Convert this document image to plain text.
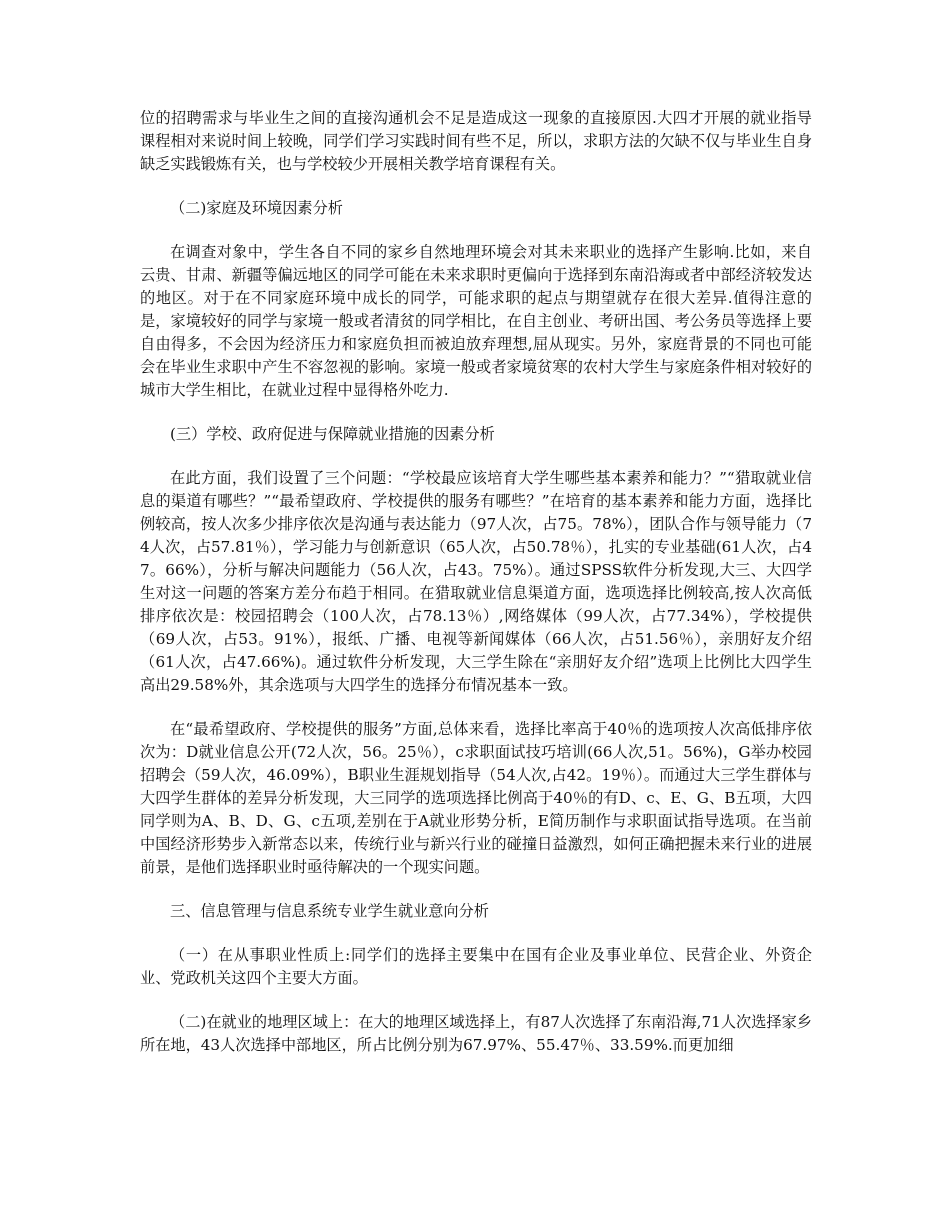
位的招聘需求与毕业生之间的直接沟通机会不足是造成这一现象的直接原因.大四才开展的就业指导课程相对来说时间上较晚，同学们学习实践时间有些不足，所以，求职方法的欠缺不仅与毕业生自身缺乏实践锻炼有关，也与学校较少开展相关教学培育课程有关。

（二)家庭及环境因素分析

在调查对象中，学生各自不同的家乡自然地理环境会对其未来职业的选择产生影响.比如，来自云贵、甘肃、新疆等偏远地区的同学可能在未来求职时更偏向于选择到东南沿海或者中部经济较发达的地区。对于在不同家庭环境中成长的同学，可能求职的起点与期望就存在很大差异.值得注意的是，家境较好的同学与家境一般或者清贫的同学相比，在自主创业、考研出国、考公务员等选择上要自由得多，不会因为经济压力和家庭负担而被迫放弃理想,屈从现实。另外，家庭背景的不同也可能会在毕业生求职中产生不容忽视的影响。家境一般或者家境贫寒的农村大学生与家庭条件相对较好的城市大学生相比，在就业过程中显得格外吃力.

(三）学校、政府促进与保障就业措施的因素分析

在此方面，我们设置了三个问题：“学校最应该培育大学生哪些基本素养和能力？”“猎取就业信息的渠道有哪些？”“最希望政府、学校提供的服务有哪些？”在培育的基本素养和能力方面，选择比例较高，按人次多少排序依次是沟通与表达能力（97人次，占75。78%），团队合作与领导能力（74人次，占57.81％），学习能力与创新意识（65人次，占50.78％），扎实的专业基础(61人次，占47。66%），分析与解决问题能力（56人次，占43。75%）。通过SPSS软件分析发现,大三、大四学生对这一问题的答案方差分布趋于相同。在猎取就业信息渠道方面，选项选择比例较高,按人次高低排序依次是：校园招聘会（100人次，占78.13％）,网络媒体（99人次，占77.34%），学校提供（69人次，占53。91%），报纸、广播、电视等新闻媒体（66人次，占51.56％），亲朋好友介绍（61人次，占47.66%)。通过软件分析发现，大三学生除在“亲朋好友介绍”选项上比例比大四学生高出29.58%外，其余选项与大四学生的选择分布情况基本一致。

在“最希望政府、学校提供的服务”方面,总体来看，选择比率高于40％的选项按人次高低排序依次为：D就业信息公开(72人次，56。25％），c求职面试技巧培训(66人次,51。56%)，G举办校园招聘会（59人次，46.09%），B职业生涯规划指导（54人次,占42。19％）。而通过大三学生群体与大四学生群体的差异分析发现，大三同学的选项选择比例高于40％的有D、c、E、G、B五项，大四同学则为A、B、D、G、c五项,差别在于A就业形势分析，E简历制作与求职面试指导选项。在当前中国经济形势步入新常态以来，传统行业与新兴行业的碰撞日益激烈，如何正确把握未来行业的进展前景，是他们选择职业时亟待解决的一个现实问题。

三、信息管理与信息系统专业学生就业意向分析

（一）在从事职业性质上:同学们的选择主要集中在国有企业及事业单位、民营企业、外资企业、党政机关这四个主要大方面。

（二)在就业的地理区域上：在大的地理区域选择上，有87人次选择了东南沿海,71人次选择家乡所在地，43人次选择中部地区，所占比例分别为67.97%、55.47％、33.59%.而更加细
